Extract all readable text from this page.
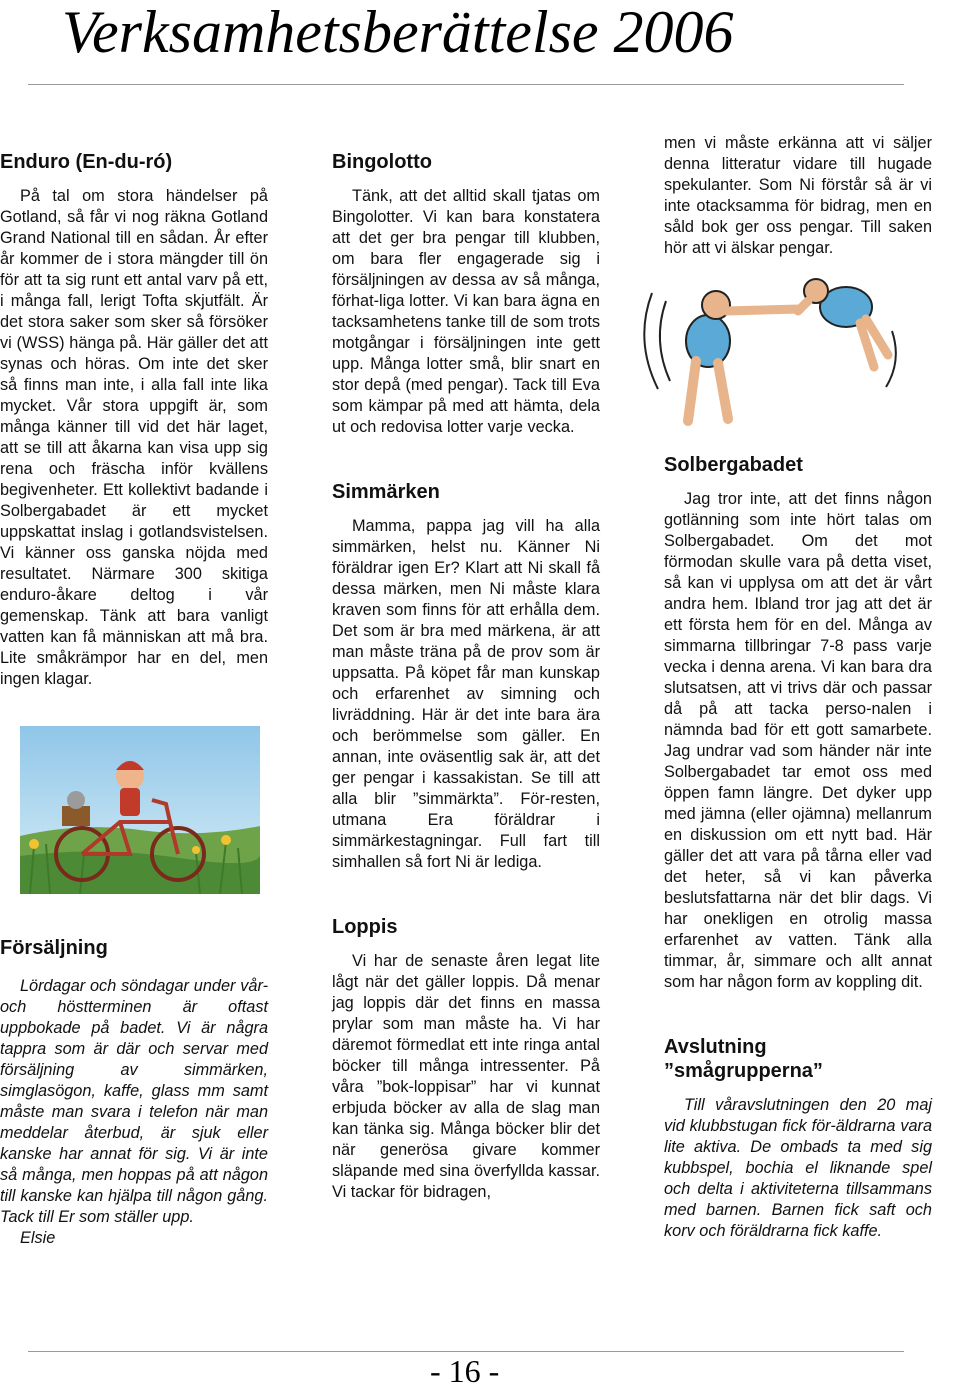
Verksamhetsberättelse 2006
Enduro (En-du-ró)

På tal om stora händelser på Gotland, så får vi nog räkna Gotland Grand National till en sådan. År efter år kommer de i stora mängder till ön för att ta sig runt ett antal varv på ett, i många fall, lerigt Tofta skjutfält. Är det stora saker som sker så försöker vi (WSS) hänga på. Här gäller det att synas och höras. Om inte det sker så finns man inte, i alla fall inte lika mycket. Vår stora uppgift är, som många känner till vid det här laget, att se till att åkarna kan visa upp sig rena och fräscha inför kvällens begivenheter. Ett kollektivt badande i Solbergabadet är ett mycket uppskattat inslag i gotlandsvistelsen. Vi känner oss ganska nöjda med resultatet. Närmare 300 skitiga enduro-åkare deltog i vår gemenskap. Tänk att bara vanligt vatten kan få människan att må bra. Lite småkrämpor har en del, men ingen klagar.

Försäljning

Lördagar och söndagar under vår- och höstterminen är oftast uppbokade på badet. Vi är några tappra som är där och servar med försäljning av simmärken, simglasögon, kaffe, glass mm samt måste man svara i telefon när man meddelar återbud, är sjuk eller kanske har annat för sig. Vi är inte så många, men hoppas på att någon till kanske kan hjälpa till någon gång. Tack till Er som ställer upp.

Elsie

Bingolotto

Tänk, att det alltid skall tjatas om Bingolotter. Vi kan bara konstatera att det ger bra pengar till klubben, om bara fler engagerade sig i försäljningen av dessa av så många, förhat-liga lotter. Vi kan bara ägna en tacksamhetens tanke till de som trots motgångar i försäljningen inte gett upp. Många lotter små, blir snart en stor depå (med pengar). Tack till Eva som kämpar på med att hämta, dela ut och redovisa lotter varje vecka.

Simmärken

Mamma, pappa jag vill ha alla simmärken, helst nu. Känner Ni föräldrar igen Er? Klart att Ni skall få dessa märken, men Ni måste klara kraven som finns för att erhålla dem. Det som är bra med märkena, är att man måste träna på de prov som är uppsatta. På köpet får man kunskap och erfarenhet av simning och livräddning. Här är det inte bara ära och berömmelse som gäller. En annan, inte oväsentlig sak är, att det ger pengar i kassakistan. Se till att alla blir ”simmärkta”. För-resten, utmana Era föräldrar i simmärkestagningar. Full fart till simhallen så fort Ni är lediga.

Loppis

Vi har de senaste åren legat lite lågt när det gäller loppis. Då menar jag loppis där det finns en massa prylar som man måste ha. Vi har däremot förmedlat ett inte ringa antal böcker till många intressenter. På våra ”bok-loppisar” har vi kunnat erbjuda böcker av alla de slag man kan tänka sig. Många böcker blir det när generösa givare kommer släpande med sina överfyllda kassar. Vi tackar för bidragen,

men vi måste erkänna att vi säljer denna litteratur vidare till hugade spekulanter. Som Ni förstår så är vi inte otacksamma för bidrag, men en såld bok ger oss pengar. Till saken hör att vi älskar pengar.

Solbergabadet

Jag tror inte, att det finns någon gotlänning som inte hört talas om Solbergabadet. Om det mot förmodan skulle vara på detta viset, så kan vi upplysa om att det är vårt andra hem. Ibland tror jag att det är ett första hem för en del. Många av simmarna tillbringar 7-8 pass varje vecka i denna arena. Vi kan bara dra slutsatsen, att vi trivs där och passar då på att tacka perso-nalen i nämnda bad för ett gott samarbete. Jag undrar vad som händer när inte Solbergabadet tar emot oss med öppen famn längre. Det dyker upp med jämna (eller ojämna) mellanrum en diskussion om ett nytt bad. Här gäller det att vara på tårna eller vad det heter, så vi kan påverka beslutsfattarna när det blir dags. Vi har onekligen en otrolig massa erfarenhet av vatten. Tänk alla timmar, år, simmare och allt annat som har någon form av koppling dit.

Avslutning ”smågruppernа”

Till våravslutningen den 20 maj vid klubbstugan fick för-äldrarna vara lite aktiva. De ombads ta med sig kubbspel, bochia el liknande spel och delta i aktiviteterna tillsammans med barnen. Barnen fick saft och korv och föräldrarna fick kaffe.

- 16 -
